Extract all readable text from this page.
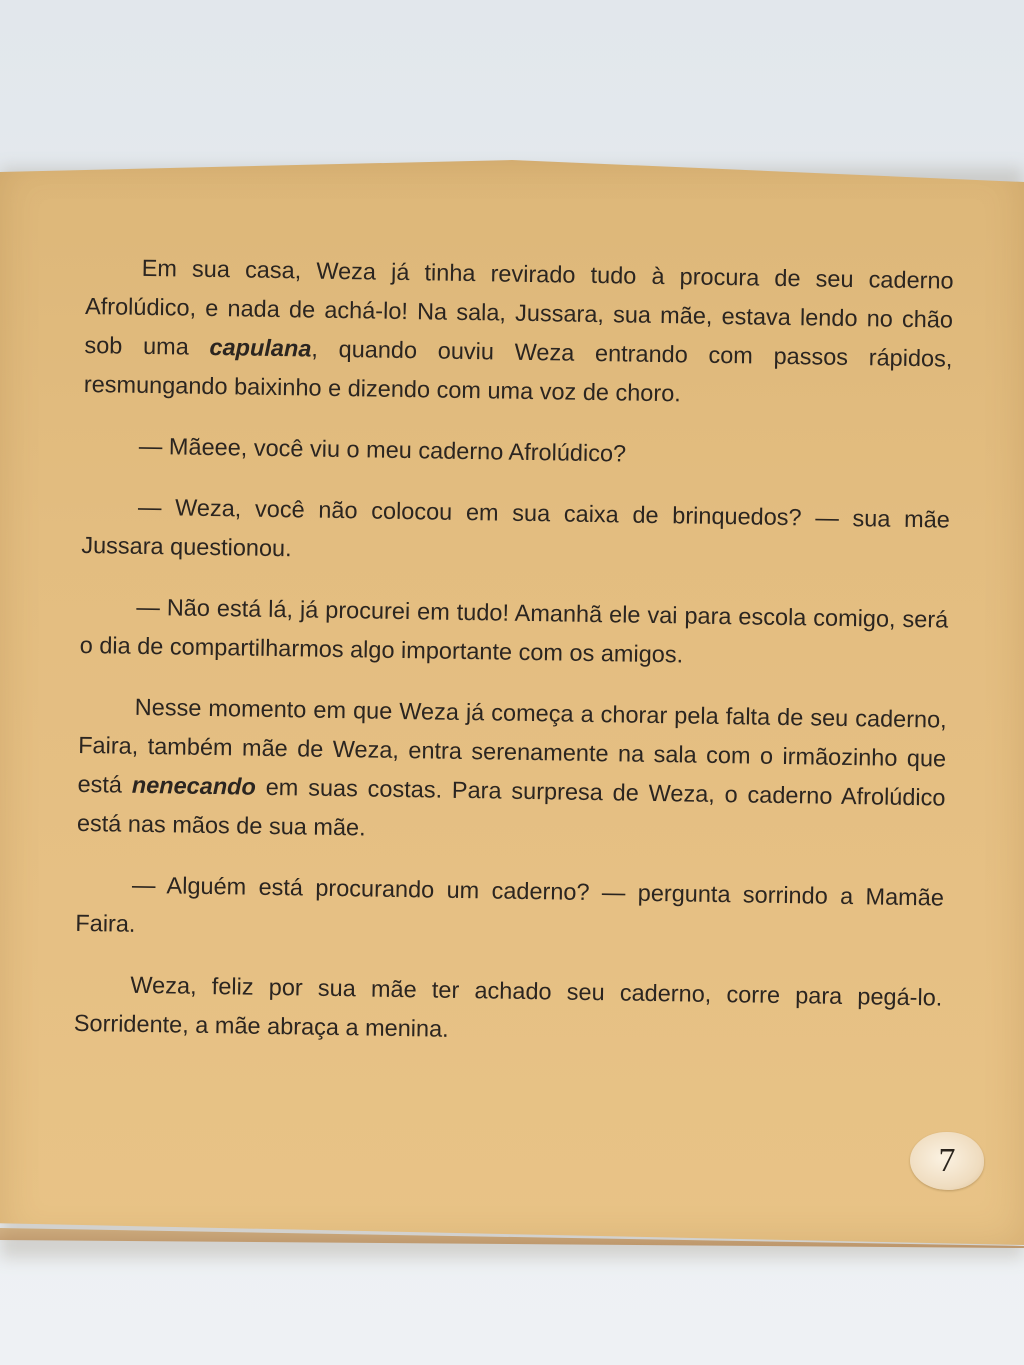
Em sua casa, Weza já tinha revirado tudo à procura de seu caderno Afrolúdico, e nada de achá-lo! Na sala, Jussara, sua mãe, estava lendo no chão sob uma capulana, quando ouviu Weza entrando com passos rápidos, resmungando baixinho e dizendo com uma voz de choro.

— Mãeee, você viu o meu caderno Afrolúdico?

— Weza, você não colocou em sua caixa de brinquedos? — sua mãe Jussara questionou.

— Não está lá, já procurei em tudo! Amanhã ele vai para escola comigo, será o dia de compartilharmos algo importante com os amigos.

Nesse momento em que Weza já começa a chorar pela falta de seu caderno, Faira, também mãe de Weza, entra serenamente na sala com o irmãozinho que está nenecando em suas costas. Para surpresa de Weza, o caderno Afrolúdico está nas mãos de sua mãe.

— Alguém está procurando um caderno? — pergunta sorrindo a Mamãe Faira.

Weza, feliz por sua mãe ter achado seu caderno, corre para pegá-lo. Sorridente, a mãe abraça a menina.

7
